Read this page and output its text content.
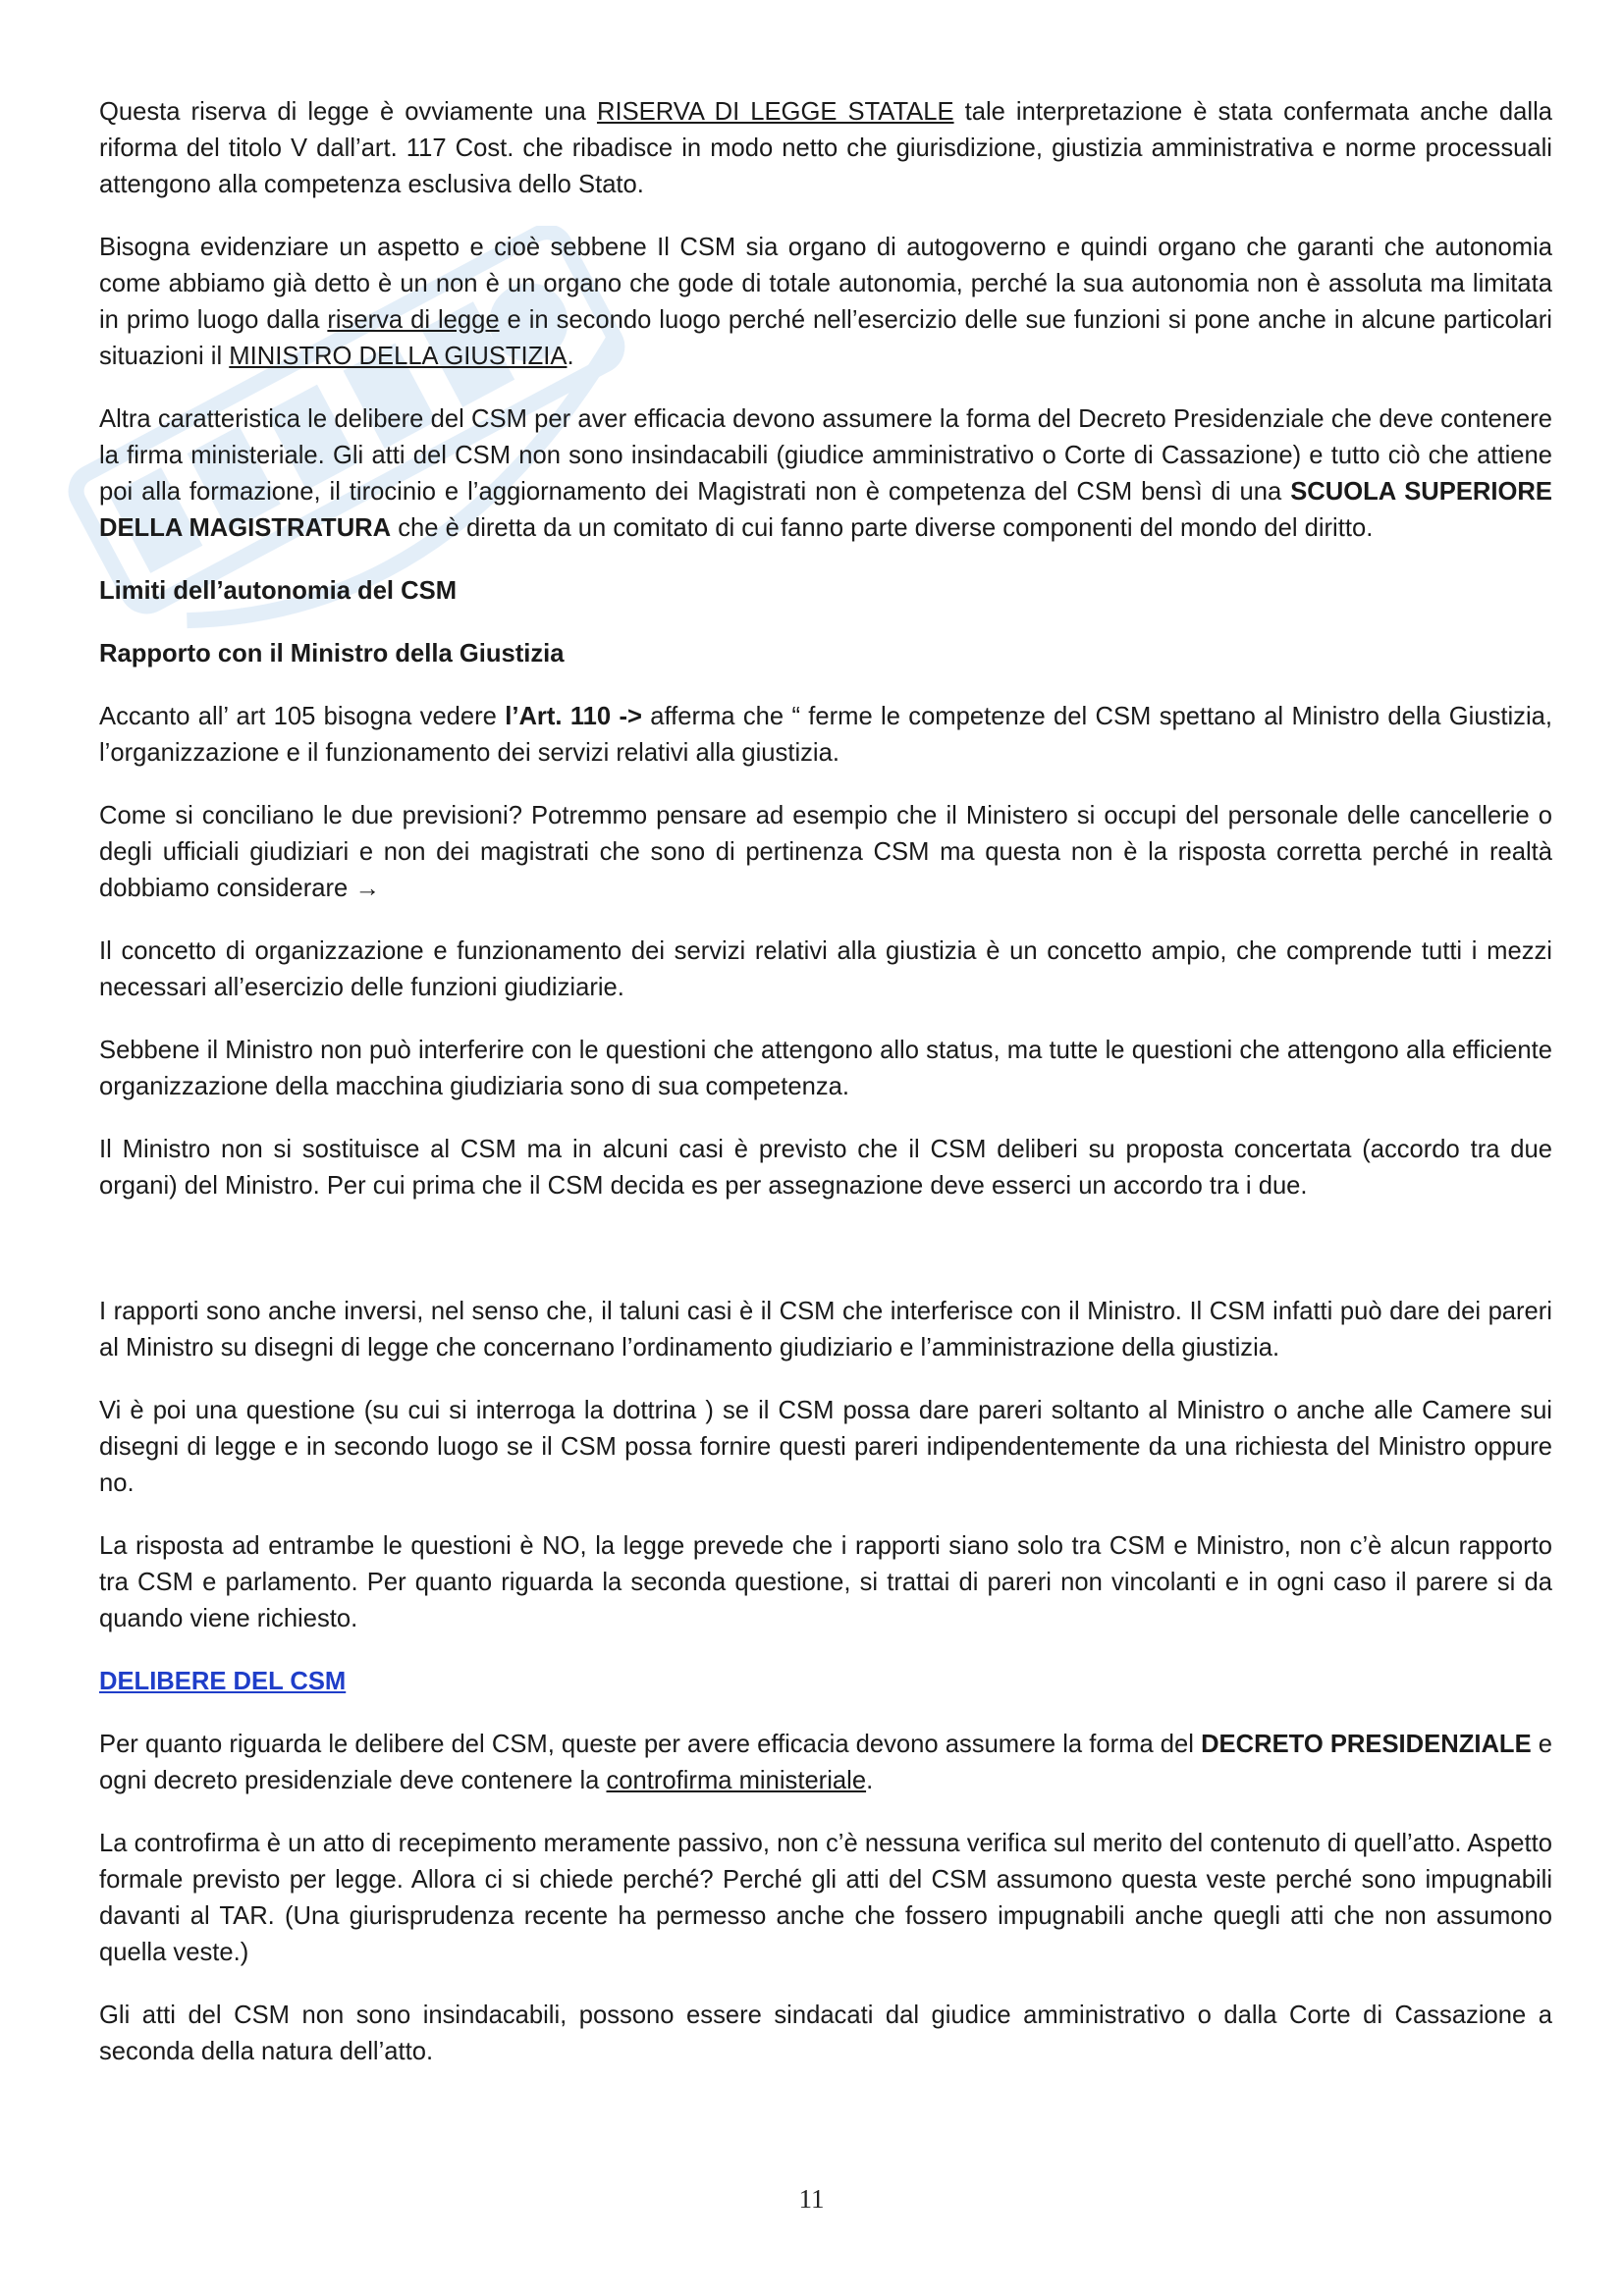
Questa riserva di legge è ovviamente una RISERVA DI LEGGE STATALE tale interpretazione è stata confermata anche dalla riforma del titolo V dall’art. 117 Cost. che ribadisce in modo netto che giurisdizione, giustizia amministrativa e norme processuali attengono alla competenza esclusiva dello Stato.

Bisogna evidenziare un aspetto e cioè sebbene Il CSM sia organo di autogoverno e quindi organo che garanti che autonomia come abbiamo già detto è un non è un organo che gode di totale autonomia, perché la sua autonomia non è assoluta ma limitata in primo luogo dalla riserva di legge e in secondo luogo perché nell’esercizio delle sue funzioni si pone anche in alcune particolari situazioni il MINISTRO DELLA GIUSTIZIA.

Altra caratteristica le delibere del CSM per aver efficacia devono assumere la forma del Decreto Presidenziale che deve contenere la firma ministeriale. Gli atti del CSM non sono insindacabili (giudice amministrativo o Corte di Cassazione) e tutto ciò che attiene poi alla formazione, il tirocinio e l’aggiornamento dei Magistrati non è competenza del CSM bensì di una SCUOLA SUPERIORE DELLA MAGISTRATURA che è diretta da un comitato di cui fanno parte diverse componenti del mondo del diritto.

Limiti dell’autonomia del CSM
Rapporto con il Ministro della Giustizia

Accanto all’ art 105 bisogna vedere l’Art. 110 -> afferma che “ ferme le competenze del CSM spettano al Ministro della Giustizia, l’organizzazione e il funzionamento dei servizi relativi alla giustizia.

Come si conciliano le due previsioni? Potremmo pensare ad esempio che il Ministero si occupi del personale delle cancellerie o degli ufficiali giudiziari e non dei magistrati che sono di pertinenza CSM ma questa non è la risposta corretta perché in realtà dobbiamo considerare →

Il concetto di organizzazione e funzionamento dei servizi relativi alla giustizia è un concetto ampio, che comprende tutti i mezzi necessari all’esercizio delle funzioni giudiziarie.

Sebbene il Ministro non può interferire con le questioni che attengono allo status, ma tutte le questioni che attengono alla efficiente organizzazione della macchina giudiziaria sono di sua competenza.

Il Ministro non si sostituisce al CSM ma in alcuni casi è previsto che il CSM deliberi su proposta concertata (accordo tra due organi) del Ministro. Per cui prima che il CSM decida es per assegnazione deve esserci un accordo tra i due.

I rapporti sono anche inversi, nel senso che, il taluni casi è il CSM che interferisce con il Ministro. Il CSM infatti può dare dei pareri al Ministro su disegni di legge che concernano l’ordinamento giudiziario e l’amministrazione della giustizia.

Vi è poi una questione (su cui si interroga la dottrina ) se il CSM possa dare pareri soltanto al Ministro o anche alle Camere sui disegni di legge e in secondo luogo se il CSM possa fornire questi pareri indipendentemente da una richiesta del Ministro oppure no.

La risposta ad entrambe le questioni è NO, la legge prevede che i rapporti siano solo tra CSM e Ministro, non c’è alcun rapporto tra CSM e parlamento. Per quanto riguarda la seconda questione, si trattai di pareri non vincolanti e in ogni caso il parere si da quando viene richiesto.

DELIBERE DEL CSM

Per quanto riguarda le delibere del CSM, queste per avere efficacia devono assumere la forma del DECRETO PRESIDENZIALE e ogni decreto presidenziale deve contenere la controfirma ministeriale.

La controfirma è un atto di recepimento meramente passivo, non c’è nessuna verifica sul merito del contenuto di quell’atto. Aspetto formale previsto per legge. Allora ci si chiede perché? Perché gli atti del CSM assumono questa veste perché sono impugnabili davanti al TAR. (Una giurisprudenza recente ha permesso anche che fossero impugnabili anche quegli atti che non assumono quella veste.)

Gli atti del CSM non sono insindacabili, possono essere sindacati dal giudice amministrativo o dalla Corte di Cassazione a seconda della natura dell’atto.

11
